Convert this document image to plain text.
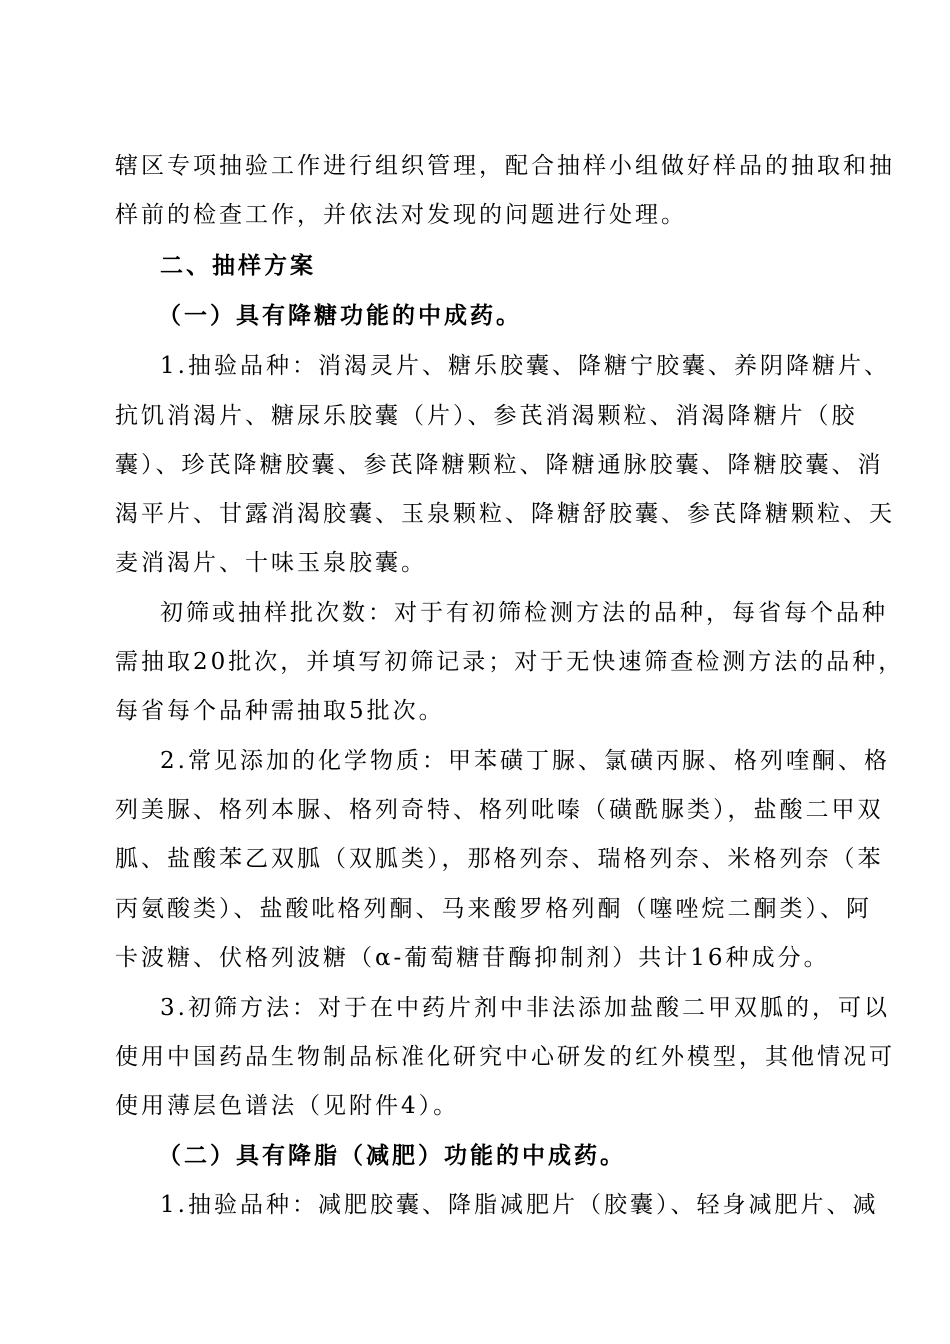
辖区专项抽验工作进行组织管理，配合抽样小组做好样品的抽取和抽
样前的检查工作，并依法对发现的问题进行处理。
二、抽样方案
（一）具有降糖功能的中成药。
1.抽验品种：消渴灵片、糖乐胶囊、降糖宁胶囊、养阴降糖片、
抗饥消渴片、糖尿乐胶囊（片）、参芪消渴颗粒、消渴降糖片（胶
囊）、珍芪降糖胶囊、参芪降糖颗粒、降糖通脉胶囊、降糖胶囊、消
渴平片、甘露消渴胶囊、玉泉颗粒、降糖舒胶囊、参芪降糖颗粒、天
麦消渴片、十味玉泉胶囊。
初筛或抽样批次数：对于有初筛检测方法的品种，每省每个品种
需抽取20批次，并填写初筛记录；对于无快速筛查检测方法的品种，
每省每个品种需抽取5批次。
2.常见添加的化学物质：甲苯磺丁脲、氯磺丙脲、格列喹酮、格
列美脲、格列本脲、格列奇特、格列吡嗪（磺酰脲类），盐酸二甲双
胍、盐酸苯乙双胍（双胍类），那格列奈、瑞格列奈、米格列奈（苯
丙氨酸类）、盐酸吡格列酮、马来酸罗格列酮（噻唑烷二酮类）、阿
卡波糖、伏格列波糖（α-葡萄糖苷酶抑制剂）共计16种成分。
3.初筛方法：对于在中药片剂中非法添加盐酸二甲双胍的，可以
使用中国药品生物制品标准化研究中心研发的红外模型，其他情况可
使用薄层色谱法（见附件4）。
（二）具有降脂（减肥）功能的中成药。
1.抽验品种：减肥胶囊、降脂减肥片（胶囊）、轻身减肥片、减
